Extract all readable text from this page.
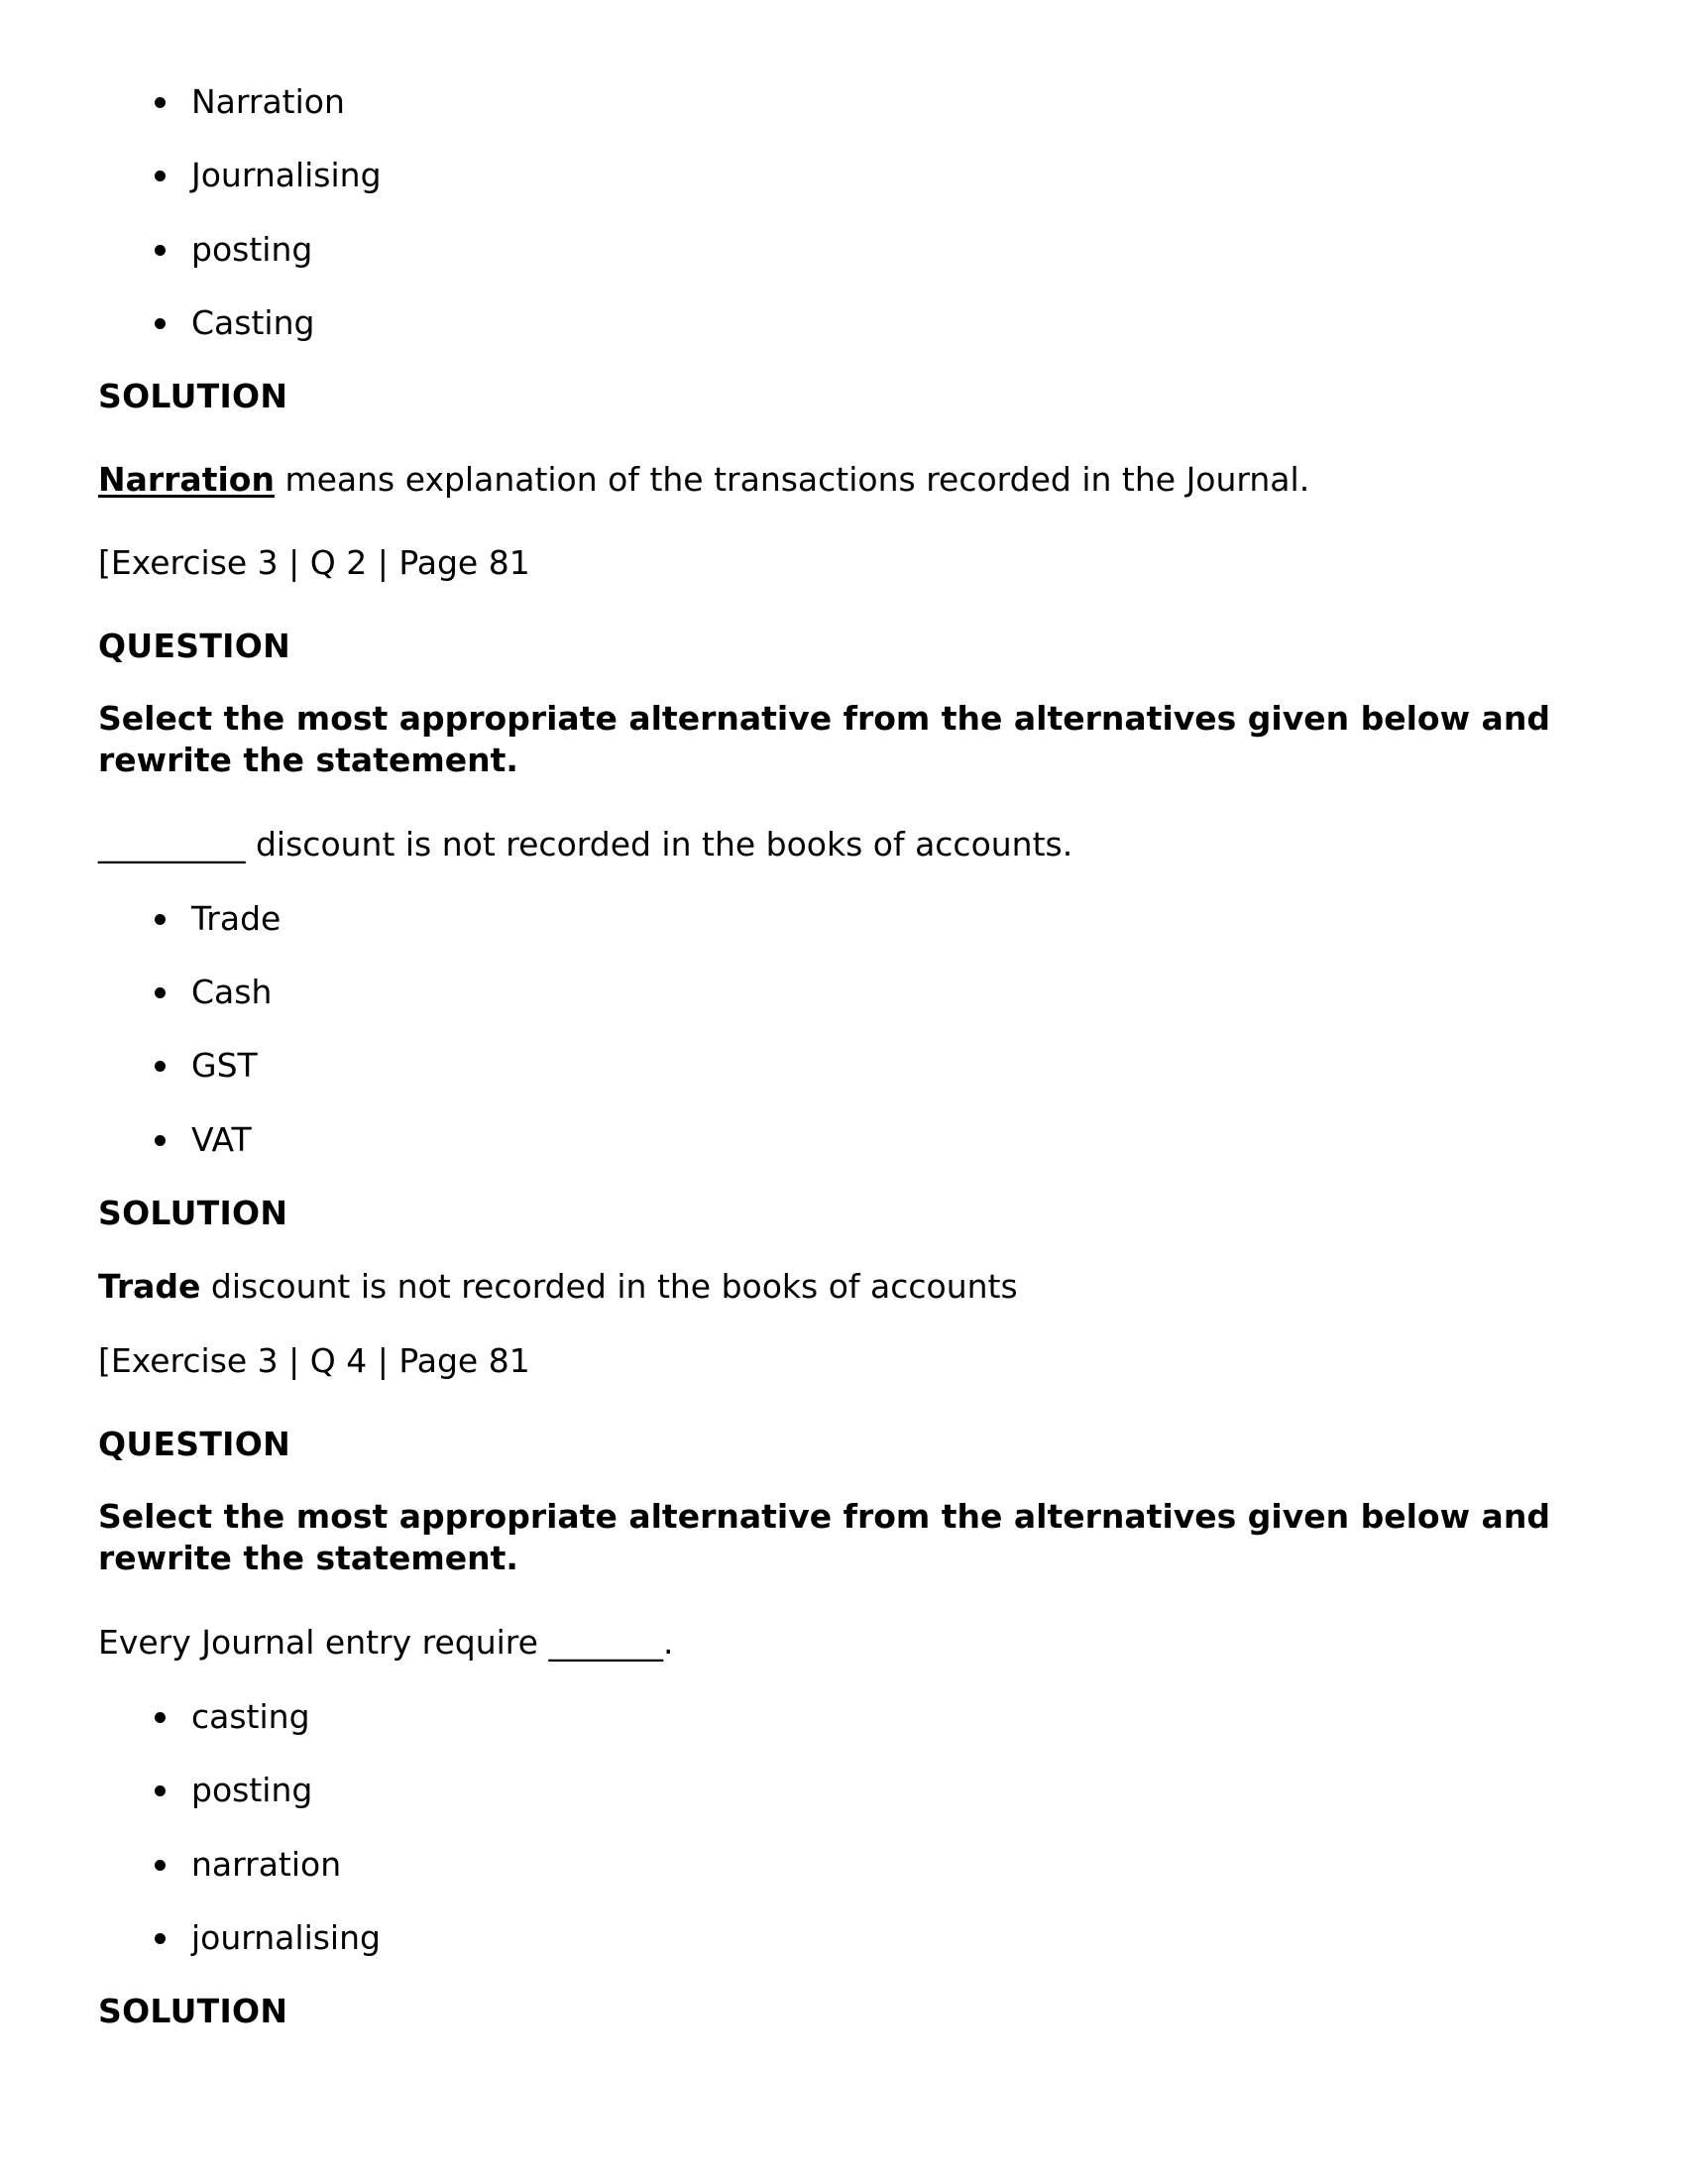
Narration
Journalising
posting
Casting
SOLUTION
Narration means explanation of the transactions recorded in the Journal.
[Exercise 3 | Q 2 | Page 81
QUESTION
Select the most appropriate alternative from the alternatives given below and rewrite the statement.
_________ discount is not recorded in the books of accounts.
Trade
Cash
GST
VAT
SOLUTION
Trade discount is not recorded in the books of accounts
[Exercise 3 | Q 4 | Page 81
QUESTION
Select the most appropriate alternative from the alternatives given below and rewrite the statement.
Every Journal entry require _______.
casting
posting
narration
journalising
SOLUTION
